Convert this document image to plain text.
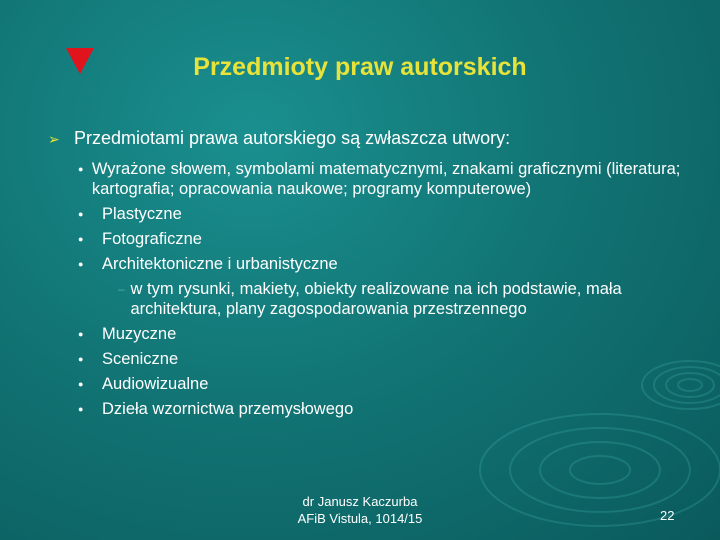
Przedmioty praw autorskich
➢ Przedmiotami prawa autorskiego są zwłaszcza utwory:
● Wyrażone słowem, symbolami matematycznymi, znakami graficznymi (literatura; kartografia; opracowania naukowe; programy komputerowe)
●	Plastyczne
●	Fotograficzne
●	Architektoniczne i urbanistyczne
– w tym rysunki, makiety, obiekty realizowane na ich podstawie, mała architektura, plany zagospodarowania przestrzennego
●	Muzyczne
●	Sceniczne
●	Audiowizualne
●	Dzieła wzornictwa przemysłowego
dr Janusz Kaczurba
AFiB Vistula, 1014/15	22
